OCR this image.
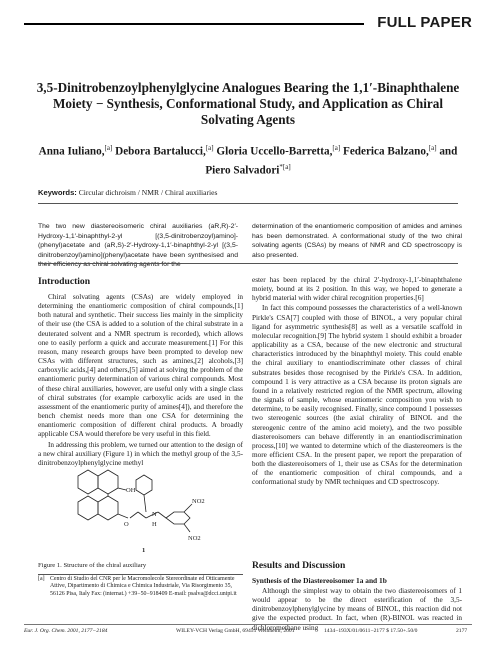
FULL PAPER
3,5-Dinitrobenzoylphenylglycine Analogues Bearing the 1,1′-Binaphthalene Moiety − Synthesis, Conformational Study, and Application as Chiral Solvating Agents
Anna Iuliano,[a] Debora Bartalucci,[a] Gloria Uccello-Barretta,[a] Federica Balzano,[a] and
Piero Salvadori$^{*[a]}$
Keywords: Circular dichroism / NMR / Chiral auxiliaries
The two new diastereoisomeric chiral auxiliaries (aR,R)-2′-Hydroxy-1,1′-binaphthyl-2-yl [(3,5-dinitrobenzoyl)amino]-(phenyl)acetate and (aR,S)-2′-Hydroxy-1,1′-binaphthyl-2-yl [(3,5-dinitrobenzoyl)amino](phenyl)acetate have been synthesised and their efficiency as chiral solvating agents for the
determination of the enantiomeric composition of amides and amines has been demonstrated. A conformational study of the two chiral solvating agents (CSAs) by means of NMR and CD spectroscopy is also presented.
Introduction

Chiral solvating agents (CSAs) are widely employed in determining the enantiomeric composition of chiral compounds,[1] both natural and synthetic. Their success lies mainly in the simplicity of their use (the CSA is added to a solution of the chiral substrate in a deuterated solvent and a NMR spectrum is recorded), which allows one to easily perform a quick and accurate measurement.[1] For this reason, many research groups have been prompted to develop new CSAs with different structures, such as amines,[2] alcohols,[3] carboxylic acids,[4] and others,[5] aimed at solving the problem of the enantiomeric purity determination of various chiral compounds. Most of these chiral auxiliaries, however, are useful only with a single class of chiral substrates (for example carboxylic acids are used in the assessment of the enantiomeric purity of amines[4]), and therefore the bench chemist needs more than one CSA for determining the enantiomeric composition of different chiral products. A broadly applicable CSA would therefore be very useful in this field.

In addressing this problem, we turned our attention to the design of a new chiral auxiliary (Figure 1) in which the methyl group of the 3,5-dinitrobenzoylphenylglycine methyl

OH
O
N
H
NO2
NO2
1
Figure 1. Structure of the chiral auxiliary
[a] Centro di Studio del CNR per le Macromolecole Stereordinate ed Otticamente Attive, Dipartimento di Chimica e Chimica Industriale, Via Risorgimento 35, 56126 Pisa, Italy Fax: (internat.) +39−50−918409 E-mail: psalva@dcci.unipi.it

ester has been replaced by the chiral 2′-hydroxy-1,1′-binaphthalene moiety, bound at its 2 position. In this way, we hoped to generate a hybrid material with wider chiral recognition properties.[6]

In fact this compound possesses the characteristics of a well-known Pirkle's CSA[7] coupled with those of BINOL, a very popular chiral ligand for asymmetric synthesis[8] as well as a versatile scaffold in molecular recognition.[9] The hybrid system 1 should exhibit a broader applicability as a CSA, because of the new electronic and structural characteristics introduced by the binaphthyl moiety. This could enable the chiral auxiliary to enantiodiscriminate other classes of chiral substrates besides those recognised by the Pirkle's CSA. In addition, compound 1 is very attractive as a CSA because its proton signals are found in a relatively restricted region of the NMR spectrum, allowing the signals of sample, whose enantiomeric composition you wish to determine, to be easily recognised. Finally, since compound 1 possesses two stereogenic sources (the axial chirality of BINOL and the stereogenic centre of the amino acid moiety), and the two possible diastereoisomers can behave differently in an enantiodiscrimination process,[10] we wanted to determine which of the diastereomers is the more efficient CSA. In the present paper, we report the preparation of both the diastereoisomers of 1, their use as CSAs for the determination of the enantiomeric composition of chiral compounds, and a conformational study by NMR techniques and CD spectroscopy.

Results and Discussion
Synthesis of the Diastereoisomer 1a and 1b

Although the simplest way to obtain the two diastereoisomers of 1 would appear to be the direct esterification of the 3,5-dinitrobenzoylphenylglycine by means of BINOL, this reaction did not give the expected product. In fact, when (R)-BINOL was reacted in dichloromethane using

Eur. J. Org. Chem. 2001, 2177−2184	WILEY-VCH Verlag GmbH, 69451 Weinheim, 2001	1434−193X/01/0611−2177 $ 17.50+.50/0	2177
